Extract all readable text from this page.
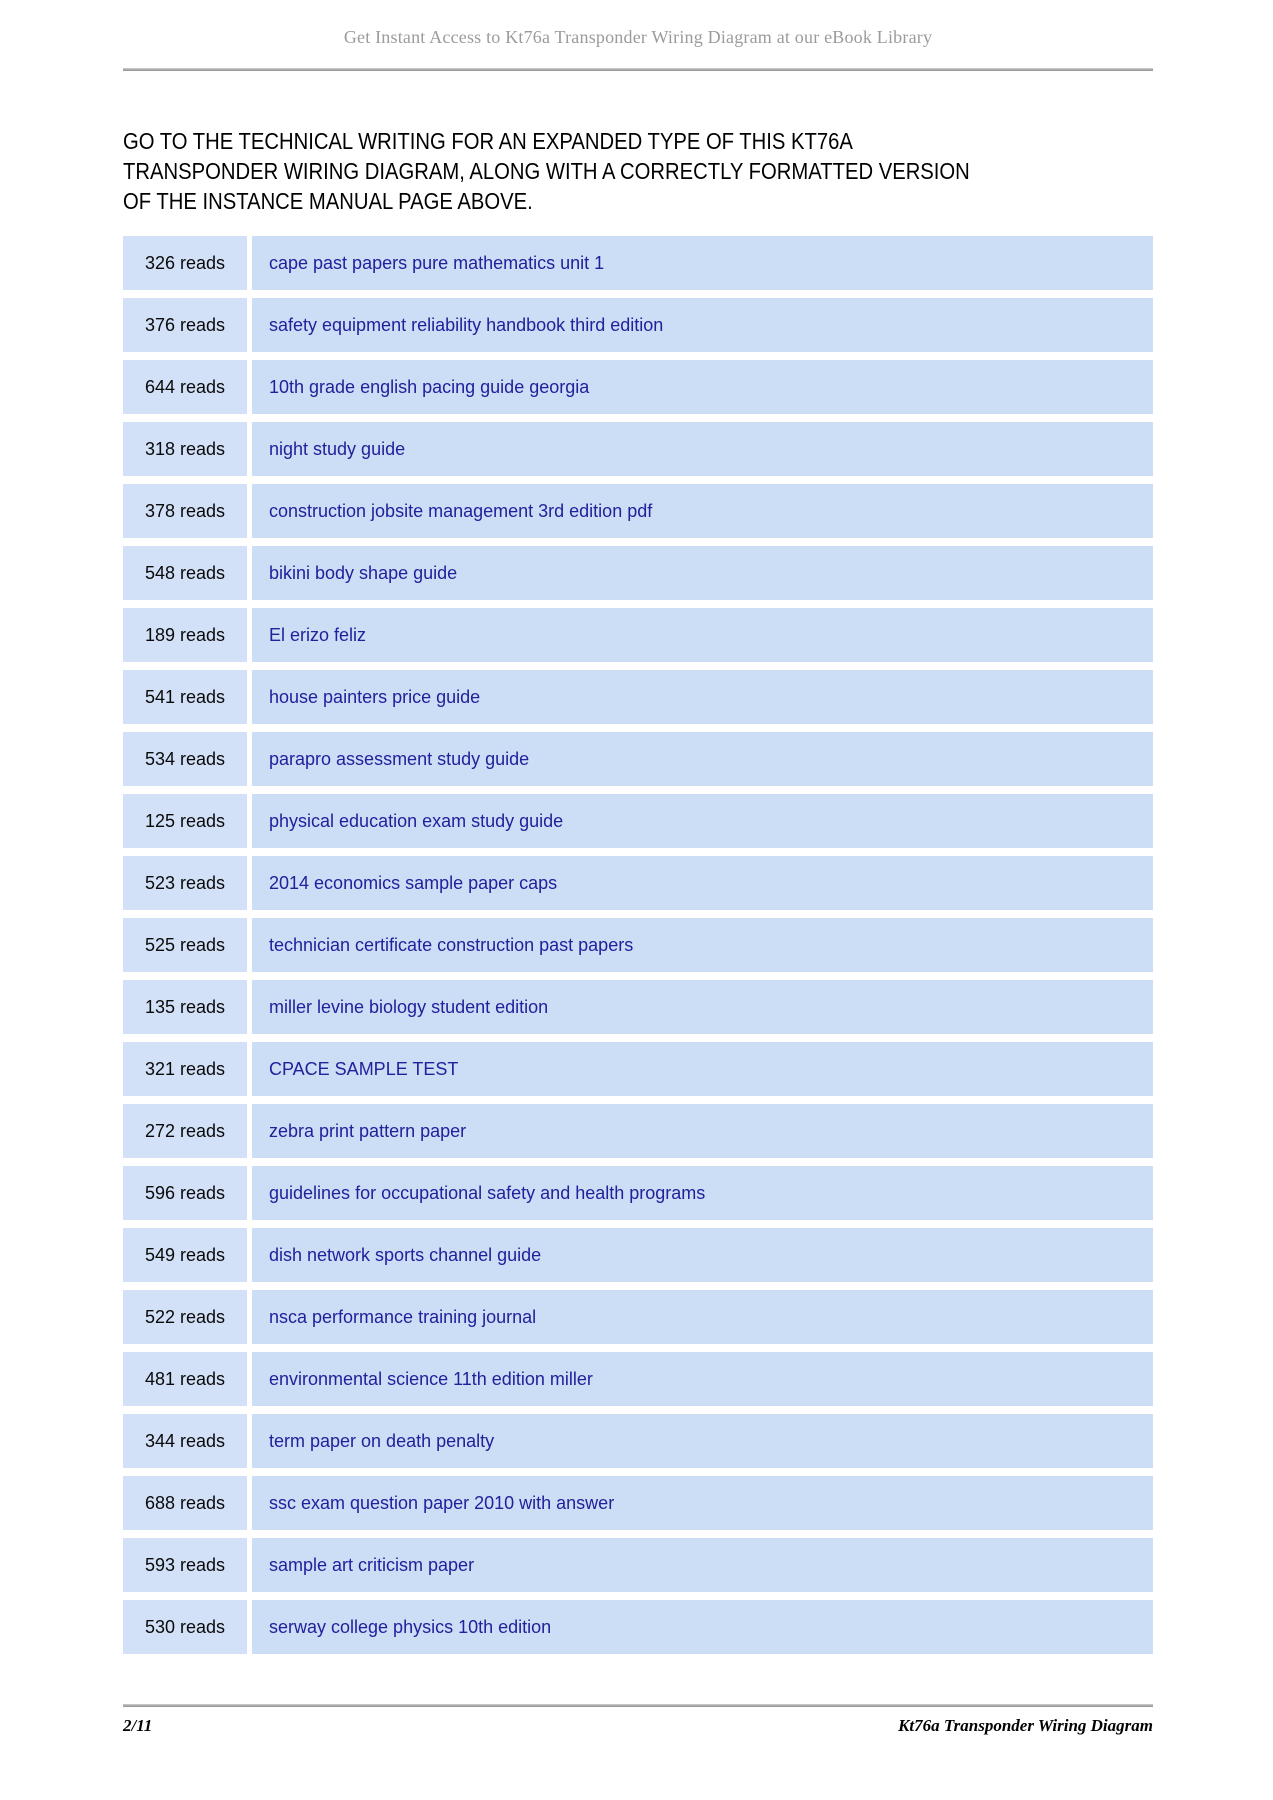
Get Instant Access to Kt76a Transponder Wiring Diagram at our eBook Library
GO TO THE TECHNICAL WRITING FOR AN EXPANDED TYPE OF THIS KT76A
TRANSPONDER WIRING DIAGRAM, ALONG WITH A CORRECTLY FORMATTED VERSION
OF THE INSTANCE MANUAL PAGE ABOVE.
326 reads	cape past papers pure mathematics unit 1
376 reads	safety equipment reliability handbook third edition
644 reads	10th grade english pacing guide georgia
318 reads	night study guide
378 reads	construction jobsite management 3rd edition pdf
548 reads	bikini body shape guide
189 reads	El erizo feliz
541 reads	house painters price guide
534 reads	parapro assessment study guide
125 reads	physical education exam study guide
523 reads	2014 economics sample paper caps
525 reads	technician certificate construction past papers
135 reads	miller levine biology student edition
321 reads	CPACE SAMPLE TEST
272 reads	zebra print pattern paper
596 reads	guidelines for occupational safety and health programs
549 reads	dish network sports channel guide
522 reads	nsca performance training journal
481 reads	environmental science 11th edition miller
344 reads	term paper on death penalty
688 reads	ssc exam question paper 2010 with answer
593 reads	sample art criticism paper
530 reads	serway college physics 10th edition
2/11	Kt76a Transponder Wiring Diagram
